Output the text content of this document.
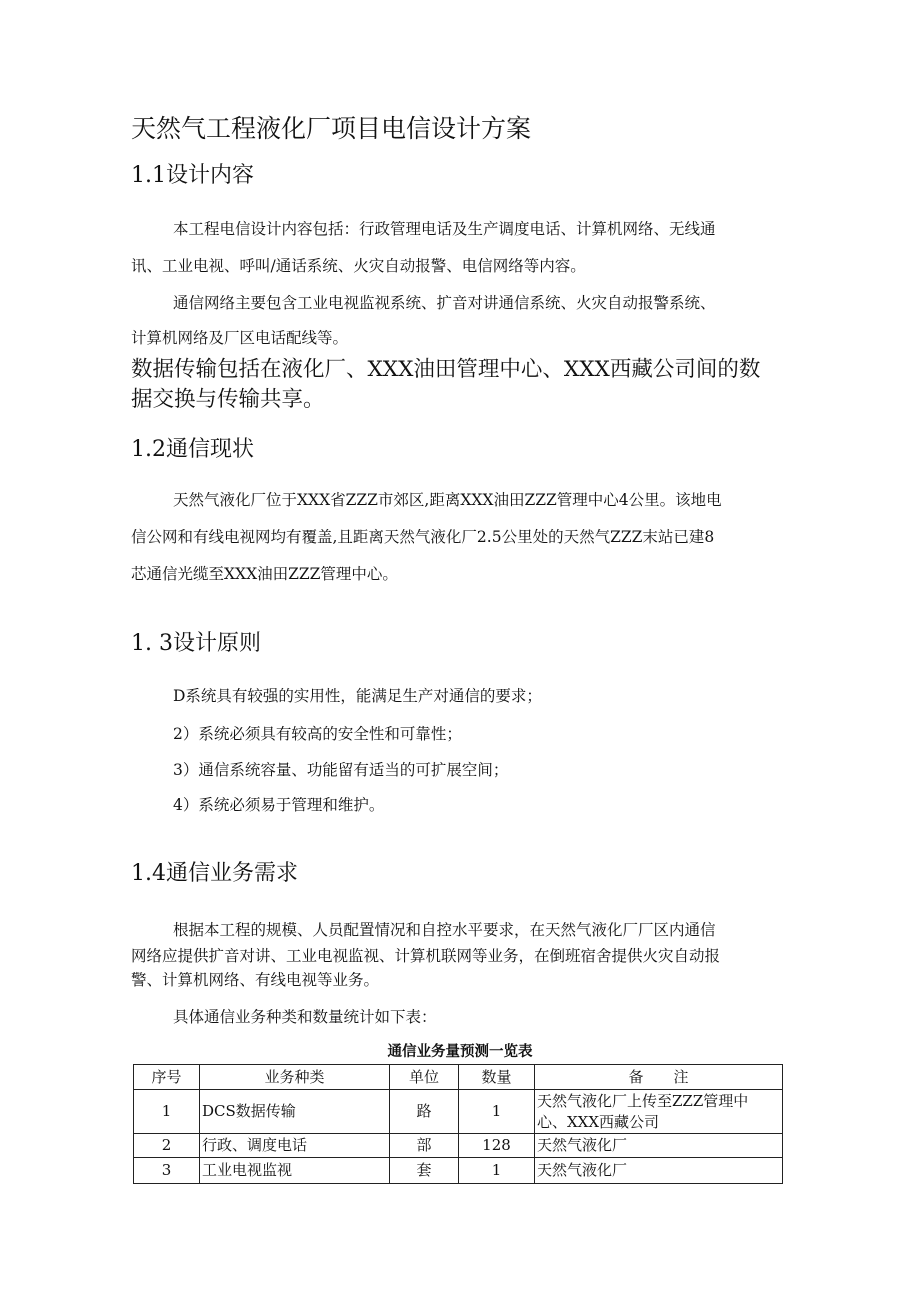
天然气工程液化厂项目电信设计方案
1.1设计内容
本工程电信设计内容包括：行政管理电话及生产调度电话、计算机网络、无线通
讯、工业电视、呼叫/通话系统、火灾自动报警、电信网络等内容。
通信网络主要包含工业电视监视系统、扩音对讲通信系统、火灾自动报警系统、
计算机网络及厂区电话配线等。
数据传输包括在液化厂、XXX油田管理中心、XXX西藏公司间的数
据交换与传输共享。
1.2通信现状
天然气液化厂位于XXX省ZZZ市郊区,距离XXX油田ZZZ管理中心4公里。该地电
信公网和有线电视网均有覆盖,且距离天然气液化厂2.5公里处的天然气ZZZ末站已建8
芯通信光缆至XXX油田ZZZ管理中心。
1. 3设计原则
D系统具有较强的实用性，能满足生产对通信的要求；
2）系统必须具有较高的安全性和可靠性；
3）通信系统容量、功能留有适当的可扩展空间；
4）系统必须易于管理和维护。
1.4通信业务需求
根据本工程的规模、人员配置情况和自控水平要求，在天然气液化厂厂区内通信
网络应提供扩音对讲、工业电视监视、计算机联网等业务，在倒班宿舍提供火灾自动报
警、计算机网络、有线电视等业务。
具体通信业务种类和数量统计如下表：
通信业务量预测一览表
序号	业务种类	单位	数量	备　　注
1	DCS数据传输	路	1	天然气液化厂上传至ZZZ管理中
心、XXX西藏公司

2	行政、调度电话	部	128	天然气液化厂
3	工业电视监视	套	1	天然气液化厂
